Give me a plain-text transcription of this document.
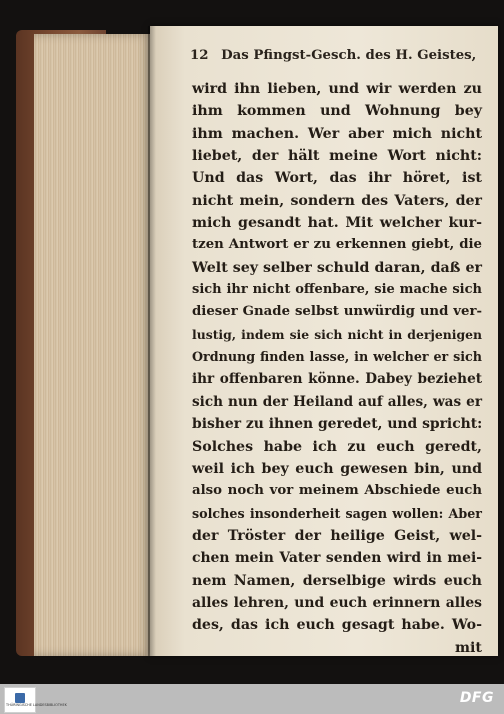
12 Das Pfingst-Gesch. des H. Geistes,
wird ihn lieben, und wir werden zu
ihm kommen und Wohnung bey
ihm machen. Wer aber mich nicht
liebet, der hält meine Wort nicht:
Und das Wort, das ihr höret, ist
nicht mein, sondern des Vaters, der
mich gesandt hat. Mit welcher kur-
tzen Antwort er zu erkennen giebt, die
Welt sey selber schuld daran, daß er
sich ihr nicht offenbare, sie mache sich
dieser Gnade selbst unwürdig und ver-
lustig, indem sie sich nicht in derjenigen
Ordnung finden lasse, in welcher er sich
ihr offenbaren könne. Dabey beziehet
sich nun der Heiland auf alles, was er
bisher zu ihnen geredet, und spricht:
Solches habe ich zu euch geredt,
weil ich bey euch gewesen bin, und
also noch vor meinem Abschiede euch
solches insonderheit sagen wollen: Aber
der Tröster der heilige Geist, wel-
chen mein Vater senden wird in mei-
nem Namen, derselbige wirds euch
alles lehren, und euch erinnern alles
des, das ich euch gesagt habe. Wo-
mit
THÜRINGISCHE LANDESBIBLIOTHEK	DFG
